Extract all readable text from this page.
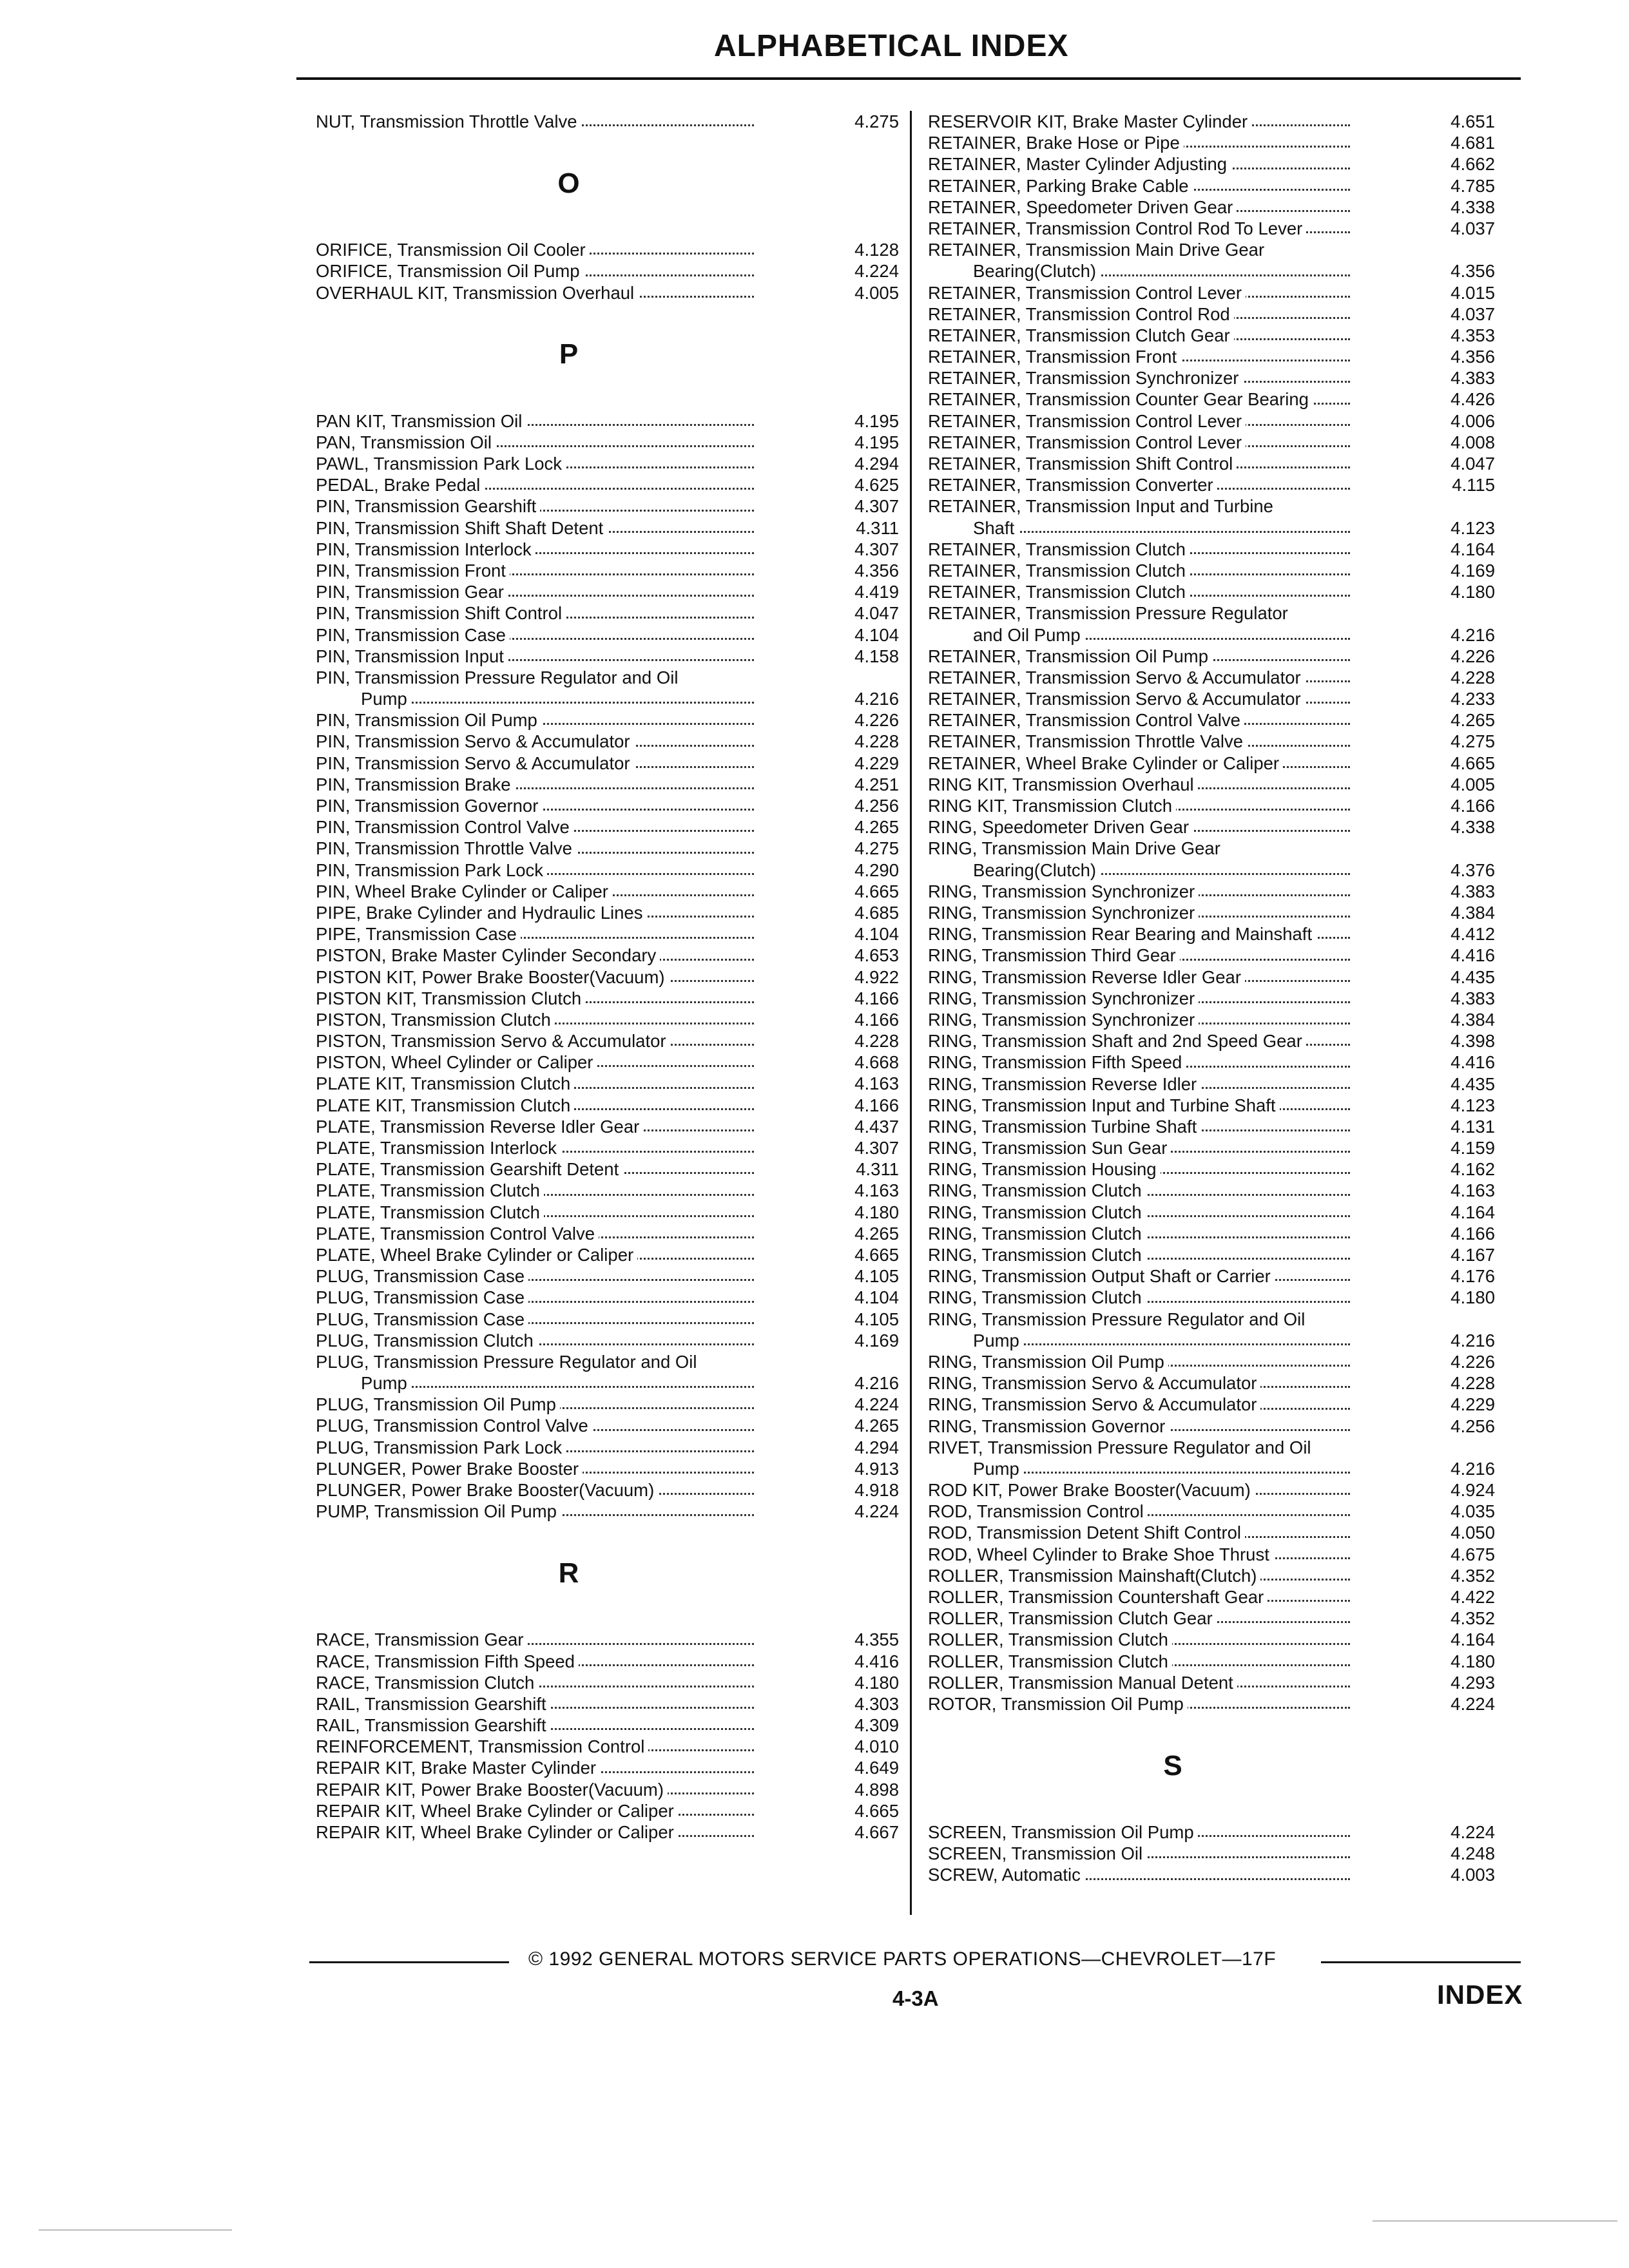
ALPHABETICAL INDEX
NUT, Transmission Throttle Valve	4.275
O
ORIFICE, Transmission Oil Cooler	4.128
ORIFICE, Transmission Oil Pump	4.224
OVERHAUL KIT, Transmission Overhaul	4.005
P
PAN KIT, Transmission Oil	4.195
PAN, Transmission Oil	4.195
PAWL, Transmission Park Lock	4.294
PEDAL, Brake Pedal	4.625
PIN, Transmission Gearshift	4.307
PIN, Transmission Shift Shaft Detent	4.311
PIN, Transmission Interlock	4.307
PIN, Transmission Front	4.356
PIN, Transmission Gear	4.419
PIN, Transmission Shift Control	4.047
PIN, Transmission Case	4.104
PIN, Transmission Input	4.158
PIN, Transmission Pressure Regulator and Oil
Pump	4.216
PIN, Transmission Oil Pump	4.226
PIN, Transmission Servo & Accumulator	4.228
PIN, Transmission Servo & Accumulator	4.229
PIN, Transmission Brake	4.251
PIN, Transmission Governor	4.256
PIN, Transmission Control Valve	4.265
PIN, Transmission Throttle Valve	4.275
PIN, Transmission Park Lock	4.290
PIN, Wheel Brake Cylinder or Caliper	4.665
PIPE, Brake Cylinder and Hydraulic Lines	4.685
PIPE, Transmission Case	4.104
PISTON, Brake Master Cylinder Secondary	4.653
PISTON KIT, Power Brake Booster(Vacuum)	4.922
PISTON KIT, Transmission Clutch	4.166
PISTON, Transmission Clutch	4.166
PISTON, Transmission Servo & Accumulator	4.228
PISTON, Wheel Cylinder or Caliper	4.668
PLATE KIT, Transmission Clutch	4.163
PLATE KIT, Transmission Clutch	4.166
PLATE, Transmission Reverse Idler Gear	4.437
PLATE, Transmission Interlock	4.307
PLATE, Transmission Gearshift Detent	4.311
PLATE, Transmission Clutch	4.163
PLATE, Transmission Clutch	4.180
PLATE, Transmission Control Valve	4.265
PLATE, Wheel Brake Cylinder or Caliper	4.665
PLUG, Transmission Case	4.105
PLUG, Transmission Case	4.104
PLUG, Transmission Case	4.105
PLUG, Transmission Clutch	4.169
PLUG, Transmission Pressure Regulator and Oil
Pump	4.216
PLUG, Transmission Oil Pump	4.224
PLUG, Transmission Control Valve	4.265
PLUG, Transmission Park Lock	4.294
PLUNGER, Power Brake Booster	4.913
PLUNGER, Power Brake Booster(Vacuum)	4.918
PUMP, Transmission Oil Pump	4.224
R
RACE, Transmission Gear	4.355
RACE, Transmission Fifth Speed	4.416
RACE, Transmission Clutch	4.180
RAIL, Transmission Gearshift	4.303
RAIL, Transmission Gearshift	4.309
REINFORCEMENT, Transmission Control	4.010
REPAIR KIT, Brake Master Cylinder	4.649
REPAIR KIT, Power Brake Booster(Vacuum)	4.898
REPAIR KIT, Wheel Brake Cylinder or Caliper	4.665
REPAIR KIT, Wheel Brake Cylinder or Caliper	4.667
RESERVOIR KIT, Brake Master Cylinder	4.651
RETAINER, Brake Hose or Pipe	4.681
RETAINER, Master Cylinder Adjusting	4.662
RETAINER, Parking Brake Cable	4.785
RETAINER, Speedometer Driven Gear	4.338
RETAINER, Transmission Control Rod To Lever	4.037
RETAINER, Transmission Main Drive Gear
Bearing(Clutch)	4.356
RETAINER, Transmission Control Lever	4.015
RETAINER, Transmission Control Rod	4.037
RETAINER, Transmission Clutch Gear	4.353
RETAINER, Transmission Front	4.356
RETAINER, Transmission Synchronizer	4.383
RETAINER, Transmission Counter Gear Bearing	4.426
RETAINER, Transmission Control Lever	4.006
RETAINER, Transmission Control Lever	4.008
RETAINER, Transmission Shift Control	4.047
RETAINER, Transmission Converter	4.115
RETAINER, Transmission Input and Turbine
Shaft	4.123
RETAINER, Transmission Clutch	4.164
RETAINER, Transmission Clutch	4.169
RETAINER, Transmission Clutch	4.180
RETAINER, Transmission Pressure Regulator
and Oil Pump	4.216
RETAINER, Transmission Oil Pump	4.226
RETAINER, Transmission Servo & Accumulator	4.228
RETAINER, Transmission Servo & Accumulator	4.233
RETAINER, Transmission Control Valve	4.265
RETAINER, Transmission Throttle Valve	4.275
RETAINER, Wheel Brake Cylinder or Caliper	4.665
RING KIT, Transmission Overhaul	4.005
RING KIT, Transmission Clutch	4.166
RING, Speedometer Driven Gear	4.338
RING, Transmission Main Drive Gear
Bearing(Clutch)	4.376
RING, Transmission Synchronizer	4.383
RING, Transmission Synchronizer	4.384
RING, Transmission Rear Bearing and Mainshaft	4.412
RING, Transmission Third Gear	4.416
RING, Transmission Reverse Idler Gear	4.435
RING, Transmission Synchronizer	4.383
RING, Transmission Synchronizer	4.384
RING, Transmission Shaft and 2nd Speed Gear	4.398
RING, Transmission Fifth Speed	4.416
RING, Transmission Reverse Idler	4.435
RING, Transmission Input and Turbine Shaft	4.123
RING, Transmission Turbine Shaft	4.131
RING, Transmission Sun Gear	4.159
RING, Transmission Housing	4.162
RING, Transmission Clutch	4.163
RING, Transmission Clutch	4.164
RING, Transmission Clutch	4.166
RING, Transmission Clutch	4.167
RING, Transmission Output Shaft or Carrier	4.176
RING, Transmission Clutch	4.180
RING, Transmission Pressure Regulator and Oil
Pump	4.216
RING, Transmission Oil Pump	4.226
RING, Transmission Servo & Accumulator	4.228
RING, Transmission Servo & Accumulator	4.229
RING, Transmission Governor	4.256
RIVET, Transmission Pressure Regulator and Oil
Pump	4.216
ROD KIT, Power Brake Booster(Vacuum)	4.924
ROD, Transmission Control	4.035
ROD, Transmission Detent Shift Control	4.050
ROD, Wheel Cylinder to Brake Shoe Thrust	4.675
ROLLER, Transmission Mainshaft(Clutch)	4.352
ROLLER, Transmission Countershaft Gear	4.422
ROLLER, Transmission Clutch Gear	4.352
ROLLER, Transmission Clutch	4.164
ROLLER, Transmission Clutch	4.180
ROLLER, Transmission Manual Detent	4.293
ROTOR, Transmission Oil Pump	4.224
S
SCREEN, Transmission Oil Pump	4.224
SCREEN, Transmission Oil	4.248
SCREW, Automatic	4.003
© 1992 GENERAL MOTORS SERVICE PARTS OPERATIONS—CHEVROLET—17F
4-3A	INDEX
